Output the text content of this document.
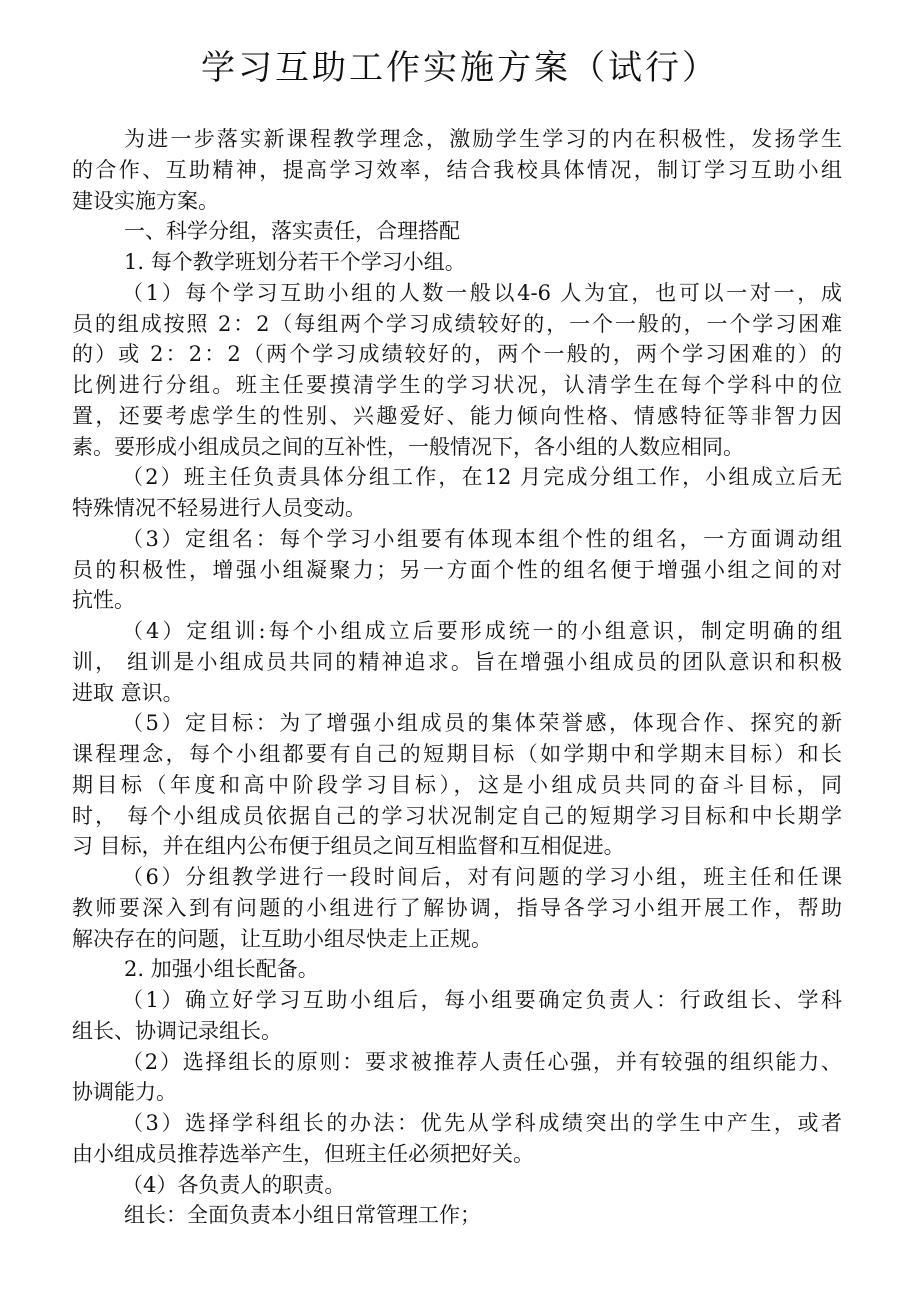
学习互助工作实施方案（试行）
为进一步落实新课程教学理念，激励学生学习的内在积极性，发扬学生
的合作、互助精神，提高学习效率，结合我校具体情况，制订学习互助小组
建设实施方案。
一、科学分组，落实责任，合理搭配
1. 每个教学班划分若干个学习小组。
（1）每个学习互助小组的人数一般以4-6 人为宜，也可以一对一，成
员的组成按照 2：2（每组两个学习成绩较好的，一个一般的，一个学习困难
的）或 2：2：2（两个学习成绩较好的，两个一般的，两个学习困难的）的
比例进行分组。班主任要摸清学生的学习状况，认清学生在每个学科中的位
置，还要考虑学生的性别、兴趣爱好、能力倾向性格、情感特征等非智力因
素。要形成小组成员之间的互补性，一般情况下，各小组的人数应相同。
（2）班主任负责具体分组工作，在12 月完成分组工作，小组成立后无
特殊情况不轻易进行人员变动。
（3）定组名：每个学习小组要有体现本组个性的组名，一方面调动组
员的积极性，增强小组凝聚力；另一方面个性的组名便于增强小组之间的对
抗性。
（4）定组训:每个小组成立后要形成统一的小组意识，制定明确的组
训， 组训是小组成员共同的精神追求。旨在增强小组成员的团队意识和积极
进取 意识。
（5）定目标：为了增强小组成员的集体荣誉感，体现合作、探究的新
课程理念，每个小组都要有自己的短期目标（如学期中和学期末目标）和长
期目标（年度和高中阶段学习目标），这是小组成员共同的奋斗目标，同
时， 每个小组成员依据自己的学习状况制定自己的短期学习目标和中长期学
习 目标，并在组内公布便于组员之间互相监督和互相促进。
（6）分组教学进行一段时间后，对有问题的学习小组，班主任和任课
教师要深入到有问题的小组进行了解协调，指导各学习小组开展工作，帮助
解决存在的问题，让互助小组尽快走上正规。
2. 加强小组长配备。
（1）确立好学习互助小组后，每小组要确定负责人：行政组长、学科
组长、协调记录组长。
（2）选择组长的原则：要求被推荐人责任心强，并有较强的组织能力、
协调能力。
（3）选择学科组长的办法：优先从学科成绩突出的学生中产生，或者
由小组成员推荐选举产生，但班主任必须把好关。
（4）各负责人的职责。
组长：全面负责本小组日常管理工作；
